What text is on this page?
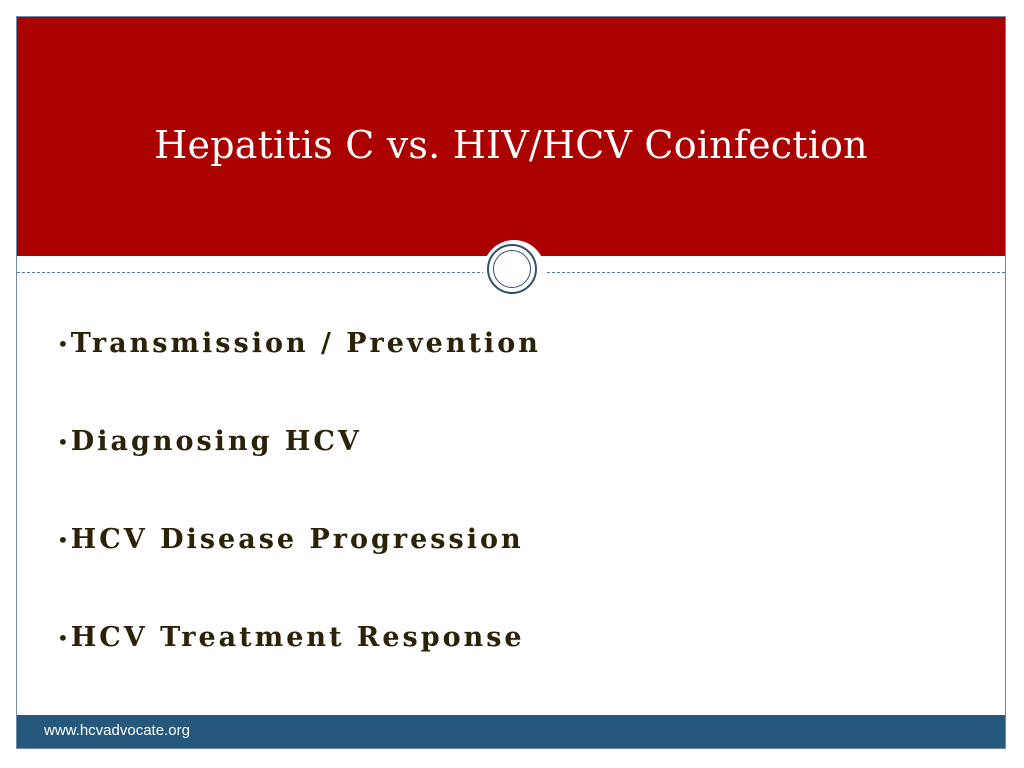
Hepatitis C vs. HIV/HCV Coinfection
• Transmission / Prevention
• Diagnosing HCV
• HCV Disease Progression
• HCV Treatment Response
www.hcvadvocate.org
